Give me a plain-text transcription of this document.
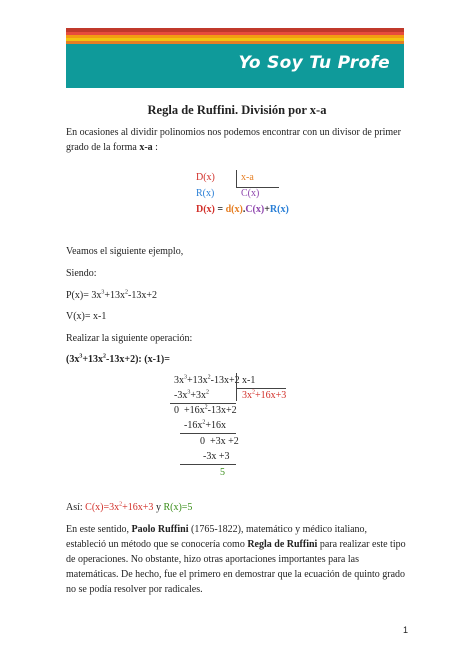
Yo Soy Tu Profe
Regla de Ruffini. División por x-a

En ocasiones al dividir polinomios nos podemos encontrar con un divisor de primer grado de la forma x-a :

D(x)	x-a
R(x)	C(x)
D(x) = d(x).C(x)+R(x)
Veamos el siguiente ejemplo,
Siendo:
$P(x)= 3x^3+13x^2-13x+2$
V(x)= x-1
Realizar la siguiente operación:
$(3x^3+13x^2-13x+2)$: (x-1)=
$3x^3+13x^2-13x+2$ x-1
$-3x^3+3x^2$	$3x^2+16x+3$
$0 +16x^2-13x+2$
$-16x^2+16x$
0  +3x +2
-3x +3
5
Así: $C(x)=3x^2+16x+3$ y R(x)=5

En este sentido, Paolo Ruffini (1765-1822), matemático y médico italiano, estableció un método que se conocería como Regla de Ruffini para realizar este tipo de operaciones. No obstante, hizo otras aportaciones importantes para las matemáticas. De hecho, fue el primero en demostrar que la ecuación de quinto grado no se podía resolver por radicales.

1
